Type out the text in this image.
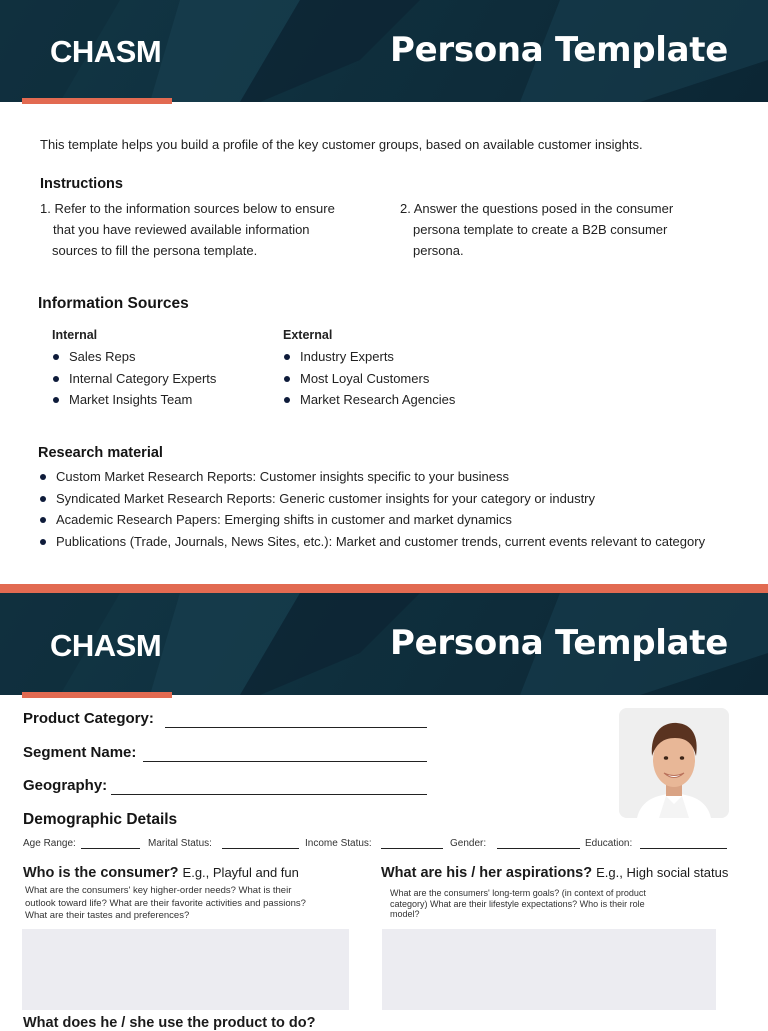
CHASM	Persona Template
This template helps you build a profile of the key customer groups, based on available customer insights.
Instructions
1. Refer to the information sources below to ensure
that you have reviewed available information
sources to fill the persona template.
2. Answer the questions posed in the consumer
persona template to create a B2B consumer
persona.
Information Sources
Internal
Sales Reps
Internal Category Experts
Market Insights Team
External
Industry Experts
Most Loyal Customers
Market Research Agencies
Research material
Custom Market Research Reports: Customer insights specific to your business
Syndicated Market Research Reports: Generic customer insights for your category or industry
Academic Research Papers: Emerging shifts in customer and market dynamics
Publications (Trade, Journals, News Sites, etc.): Market and customer trends, current events relevant to category
CHASM	Persona Template
Product Category:
Segment Name:
Geography:
Demographic Details
Age Range:	Marital Status:	Income Status:	Gender:	Education:
Who is the consumer? E.g., Playful and fun
What are the consumers' key higher-order needs? What is their
outlook toward life? What are their favorite activities and passions?
What are their tastes and preferences?
What are his / her aspirations? E.g., High social status
What are the consumers' long-term goals? (in context of product
category) What are their lifestyle expectations? Who is their role
model?
What does he / she use the product to do?
